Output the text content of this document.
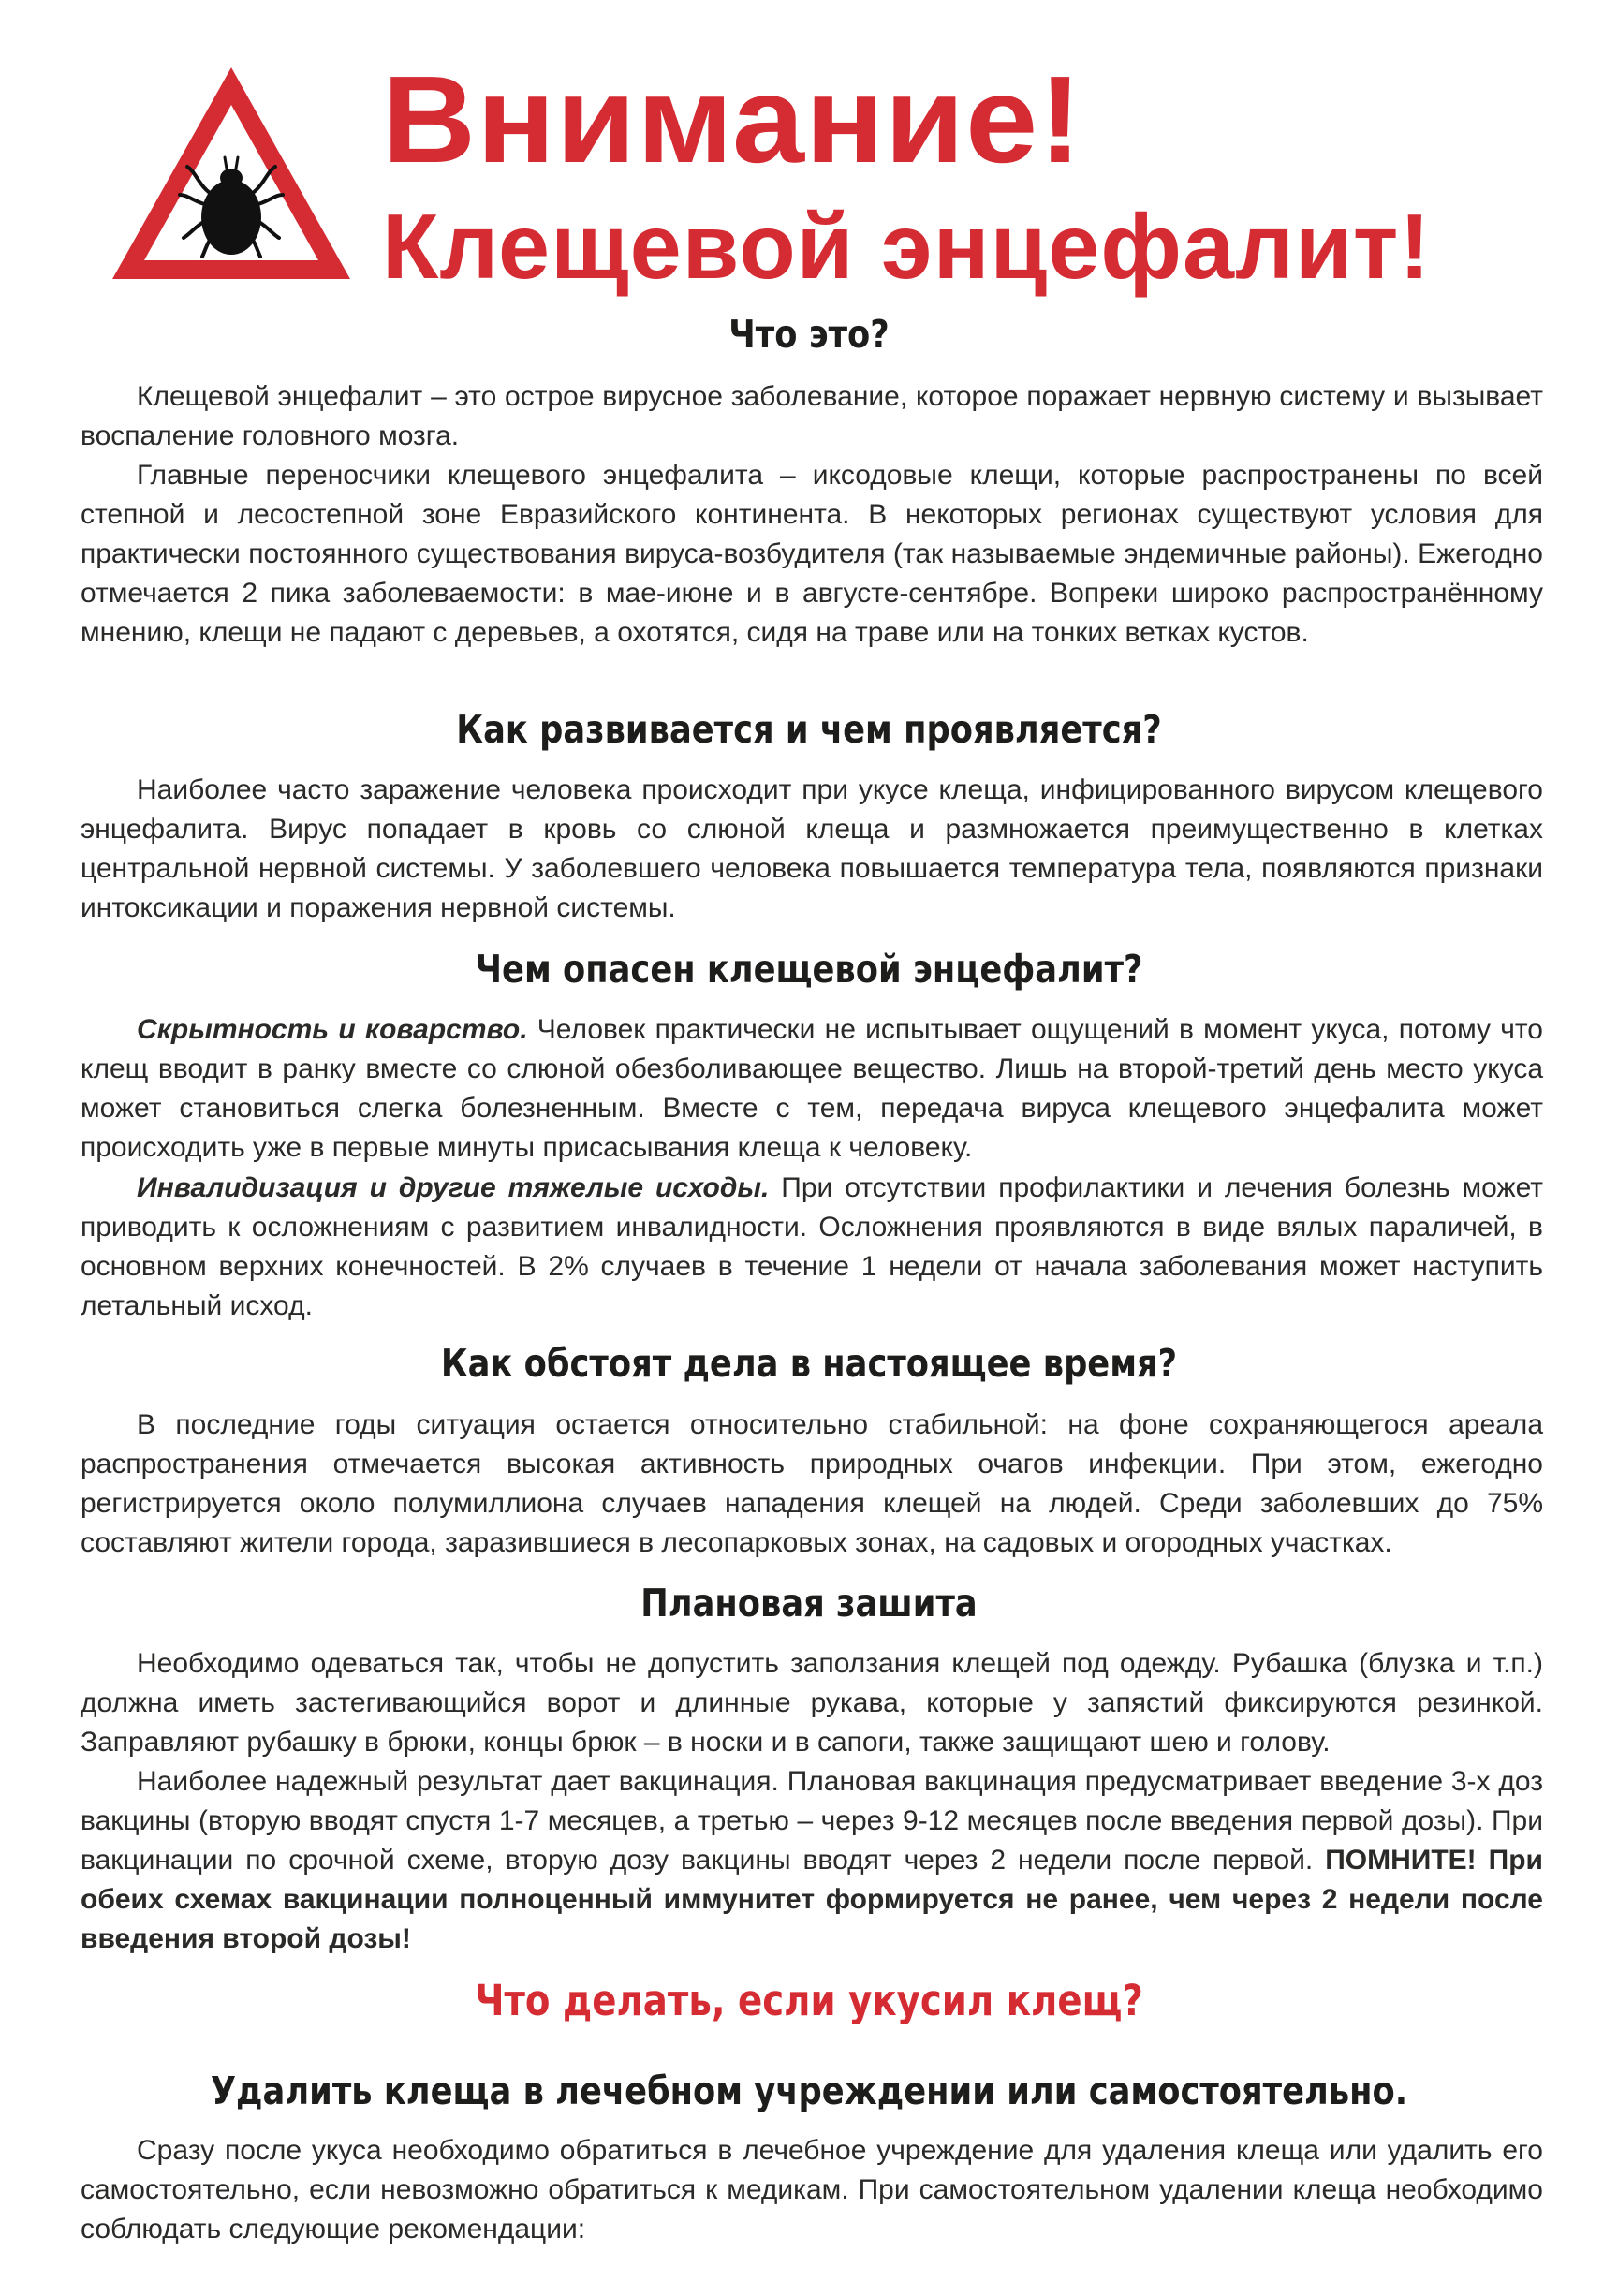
Внимание!
Клещевой энцефалит!
Что это?

Клещевой энцефалит – это острое вирусное заболевание, которое поражает нервную систему и вызывает воспаление головного мозга.

Главные переносчики клещевого энцефалита – иксодовые клещи, которые распространены по всей степной и лесостепной зоне Евразийского континента. В некоторых регионах существуют условия для практически постоянного существования вируса-возбудителя (так называемые эндемичные районы). Ежегодно отмечается 2 пика заболеваемости: в мае-июне и в августе-сентябре. Вопреки широко распространённому мнению, клещи не падают с деревьев, а охотятся, сидя на траве или на тонких ветках кустов.

Как развивается и чем проявляется?

Наиболее часто заражение человека происходит при укусе клеща, инфицированного вирусом клещевого энцефалита. Вирус попадает в кровь со слюной клеща и размножается преимущественно в клетках центральной нервной системы. У заболевшего человека повышается температура тела, появляются признаки интоксикации и поражения нервной системы.

Чем опасен клещевой энцефалит?

Скрытность и коварство. Человек практически не испытывает ощущений в момент укуса, потому что клещ вводит в ранку вместе со слюной обезболивающее вещество. Лишь на второй-третий день место укуса может становиться слегка болезненным. Вместе с тем, передача вируса клещевого энцефалита может происходить уже в первые минуты присасывания клеща к человеку.

Инвалидизация и другие тяжелые исходы. При отсутствии профилактики и лечения болезнь может приводить к осложнениям с развитием инвалидности. Осложнения проявляются в виде вялых параличей, в основном верхних конечностей. В 2% случаев в течение 1 недели от начала заболевания может наступить летальный исход.

Как обстоят дела в настоящее время?

В последние годы ситуация остается относительно стабильной: на фоне сохраняющегося ареала распространения отмечается высокая активность природных очагов инфекции. При этом, ежегодно регистрируется около полумиллиона случаев нападения клещей на людей. Среди заболевших до 75% составляют жители города, заразившиеся в лесопарковых зонах, на садовых и огородных участках.

Плановая зашита

Необходимо одеваться так, чтобы не допустить заползания клещей под одежду. Рубашка (блузка и т.п.) должна иметь застегивающийся ворот и длинные рукава, которые у запястий фиксируются резинкой. Заправляют рубашку в брюки, концы брюк – в носки и в сапоги, также защищают шею и голову.

Наиболее надежный результат дает вакцинация. Плановая вакцинация предусматривает введение 3-х доз вакцины (вторую вводят спустя 1-7 месяцев, а третью – через 9-12 месяцев после введения первой дозы). При вакцинации по срочной схеме, вторую дозу вакцины вводят через 2 недели после первой. ПОМНИТЕ! При обеих схемах вакцинации полноценный иммунитет формируется не ранее, чем через 2 недели после введения второй дозы!

Что делать, если укусил клещ?
Удалить клеща в лечебном учреждении или самостоятельно.

Сразу после укуса необходимо обратиться в лечебное учреждение для удаления клеща или удалить его самостоятельно, если невозможно обратиться к медикам. При самостоятельном удалении клеща необходимо соблюдать следующие рекомендации:
